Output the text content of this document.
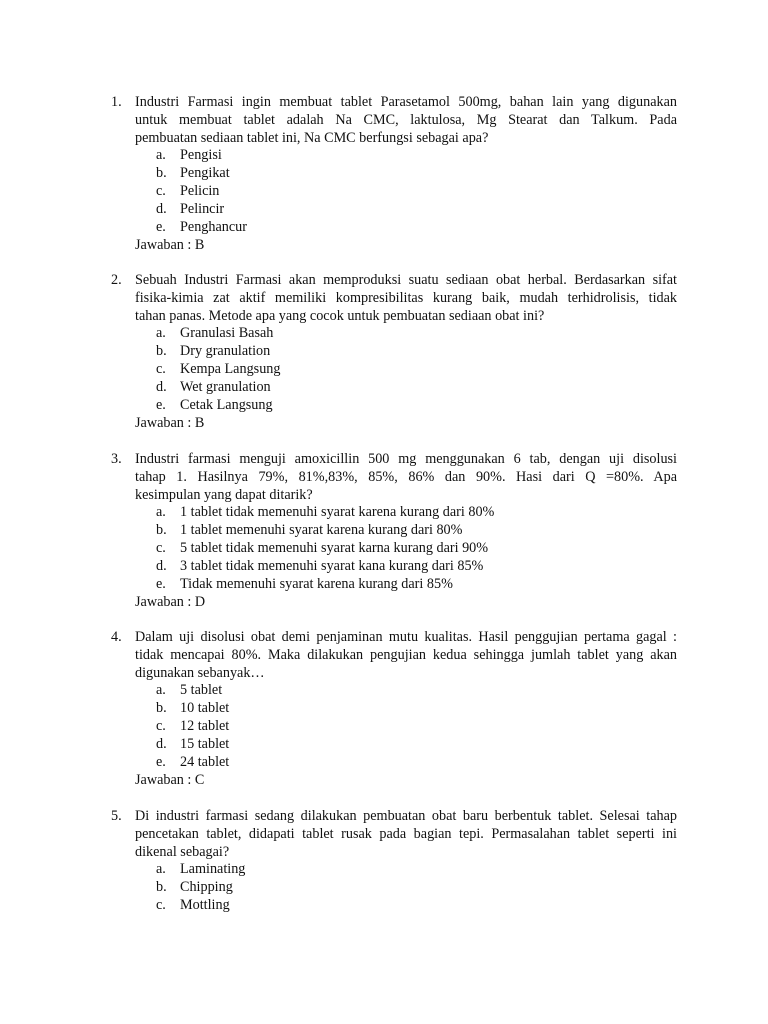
1. Industri Farmasi ingin membuat tablet Parasetamol 500mg, bahan lain yang digunakan
untuk membuat tablet adalah Na CMC, laktulosa, Mg Stearat dan Talkum. Pada
pembuatan sediaan tablet ini, Na CMC berfungsi sebagai apa?
a. Pengisi
b. Pengikat
c. Pelicin
d. Pelincir
e. Penghancur
Jawaban : B
2. Sebuah Industri Farmasi akan memproduksi suatu sediaan obat herbal. Berdasarkan sifat
fisika-kimia zat aktif memiliki kompresibilitas kurang baik, mudah terhidrolisis, tidak
tahan panas. Metode apa yang cocok untuk pembuatan sediaan obat ini?
a. Granulasi Basah
b. Dry granulation
c. Kempa Langsung
d. Wet granulation
e. Cetak Langsung
Jawaban : B
3. Industri farmasi menguji amoxicillin 500 mg menggunakan 6 tab, dengan uji disolusi
tahap 1. Hasilnya 79%, 81%,83%, 85%, 86% dan 90%. Hasi dari Q =80%. Apa
kesimpulan yang dapat ditarik?
a. 1 tablet tidak memenuhi syarat karena kurang dari 80%
b. 1 tablet memenuhi syarat karena kurang dari 80%
c. 5 tablet tidak memenuhi syarat karna kurang dari 90%
d. 3 tablet tidak memenuhi syarat kana kurang dari 85%
e. Tidak memenuhi syarat karena kurang dari 85%
Jawaban : D
4. Dalam uji disolusi obat demi penjaminan mutu kualitas. Hasil penggujian pertama gagal :
tidak mencapai 80%. Maka dilakukan pengujian kedua sehingga jumlah tablet yang akan
digunakan sebanyak…
a. 5 tablet
b. 10 tablet
c. 12 tablet
d. 15 tablet
e. 24 tablet
Jawaban : C
5. Di industri farmasi sedang dilakukan pembuatan obat baru berbentuk tablet. Selesai tahap
pencetakan tablet, didapati tablet rusak pada bagian tepi. Permasalahan tablet seperti ini
dikenal sebagai?
a. Laminating
b. Chipping
c. Mottling
